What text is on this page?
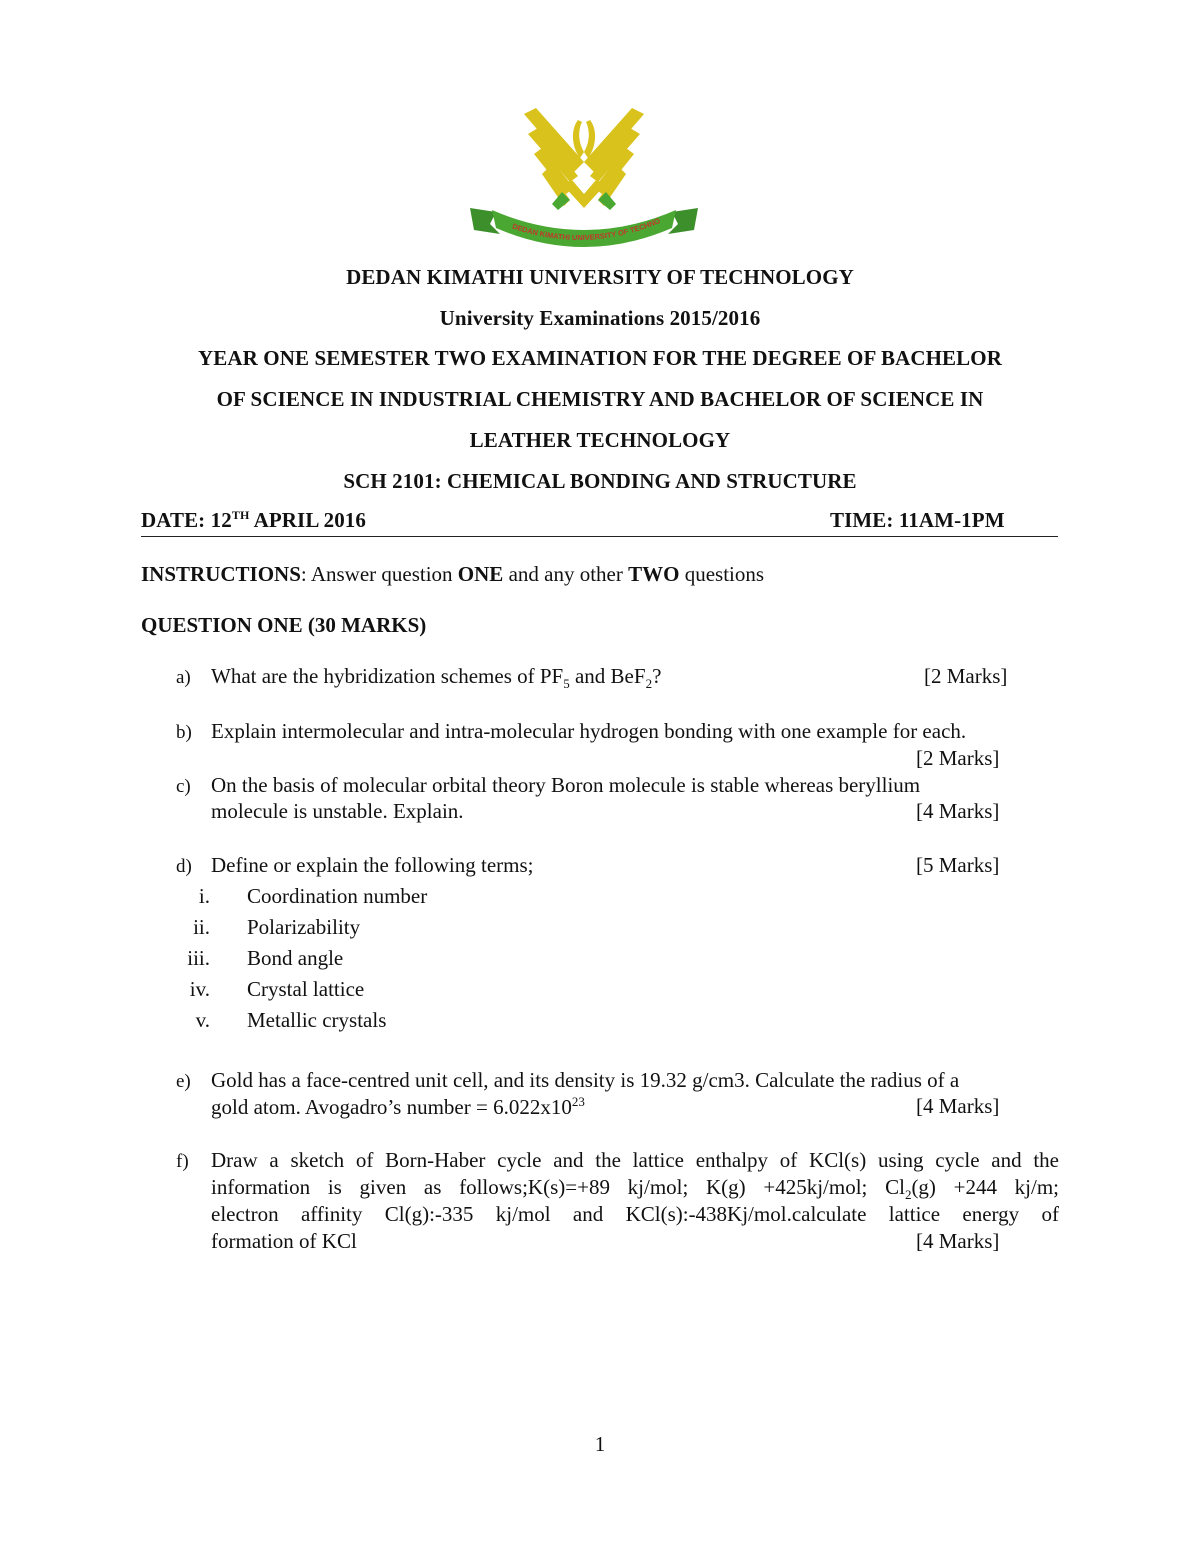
DEDAN KIMATHI UNIVERSITY OF TECHNO
DEDAN KIMATHI UNIVERSITY OF TECHNOLOGY
University Examinations 2015/2016
YEAR ONE SEMESTER TWO EXAMINATION FOR THE DEGREE OF BACHELOR
OF SCIENCE IN INDUSTRIAL CHEMISTRY AND BACHELOR OF SCIENCE IN
LEATHER TECHNOLOGY
SCH 2101: CHEMICAL BONDING AND STRUCTURE
DATE: 12TH APRIL 2016	TIME: 11AM-1PM
INSTRUCTIONS: Answer question ONE and any other TWO questions
QUESTION ONE (30 MARKS)
a) What are the hybridization schemes of $PF_5$ and BeF$_2$?	[2 Marks]
b) Explain intermolecular and intra-molecular hydrogen bonding with one example for each.
[2 Marks]
c) On the basis of molecular orbital theory Boron molecule is stable whereas beryllium
molecule is unstable. Explain.	[4 Marks]
d) Define or explain the following terms;	[5 Marks]
i. Coordination number
ii. Polarizability
iii. Bond angle
iv. Crystal lattice
v. Metallic crystals
e) Gold has a face-centred unit cell, and its density is 19.32 g/cm3. Calculate the radius of a
gold atom. Avogadro’s number = $6.022x10^{23}$	[4 Marks]
f) Draw a sketch of Born-Haber cycle and the lattice enthalpy of KCl(s) using cycle and the
information is given as follows;K(s)=+89 kj/mol; K(g) +425kj/mol; $Cl_2(g) +244$ kj/m;
electron affinity Cl(g):-335 kj/mol and KCl(s):-438Kj/mol.calculate lattice energy of
formation of KCl	[4 Marks]
1
